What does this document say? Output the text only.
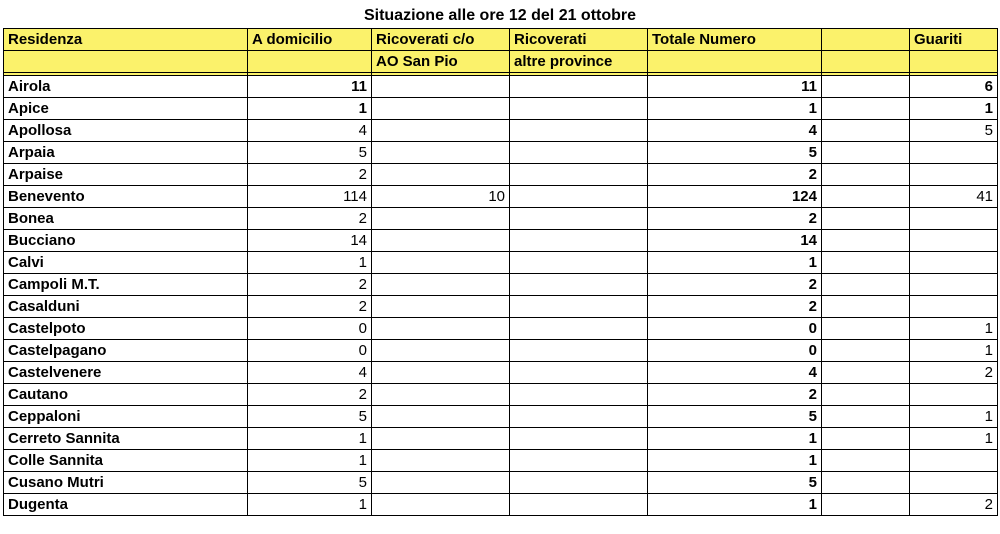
Situazione alle ore 12 del 21 ottobre
Residenza	A domicilio	Ricoverati c/o	Ricoverati	Totale Numero		Guariti
		AO San Pio	altre province			

Airola	11			11		6
Apice	1			1		1
Apollosa	4			4		5
Arpaia	5			5		
Arpaise	2			2		
Benevento	114	10		124		41
Bonea	2			2		
Bucciano	14			14		
Calvi	1			1		
Campoli M.T.	2			2		
Casalduni	2			2		
Castelpoto	0			0		1
Castelpagano	0			0		1
Castelvenere	4			4		2
Cautano	2			2		
Ceppaloni	5			5		1
Cerreto Sannita	1			1		1
Colle Sannita	1			1		
Cusano Mutri	5			5		
Dugenta	1			1		2
